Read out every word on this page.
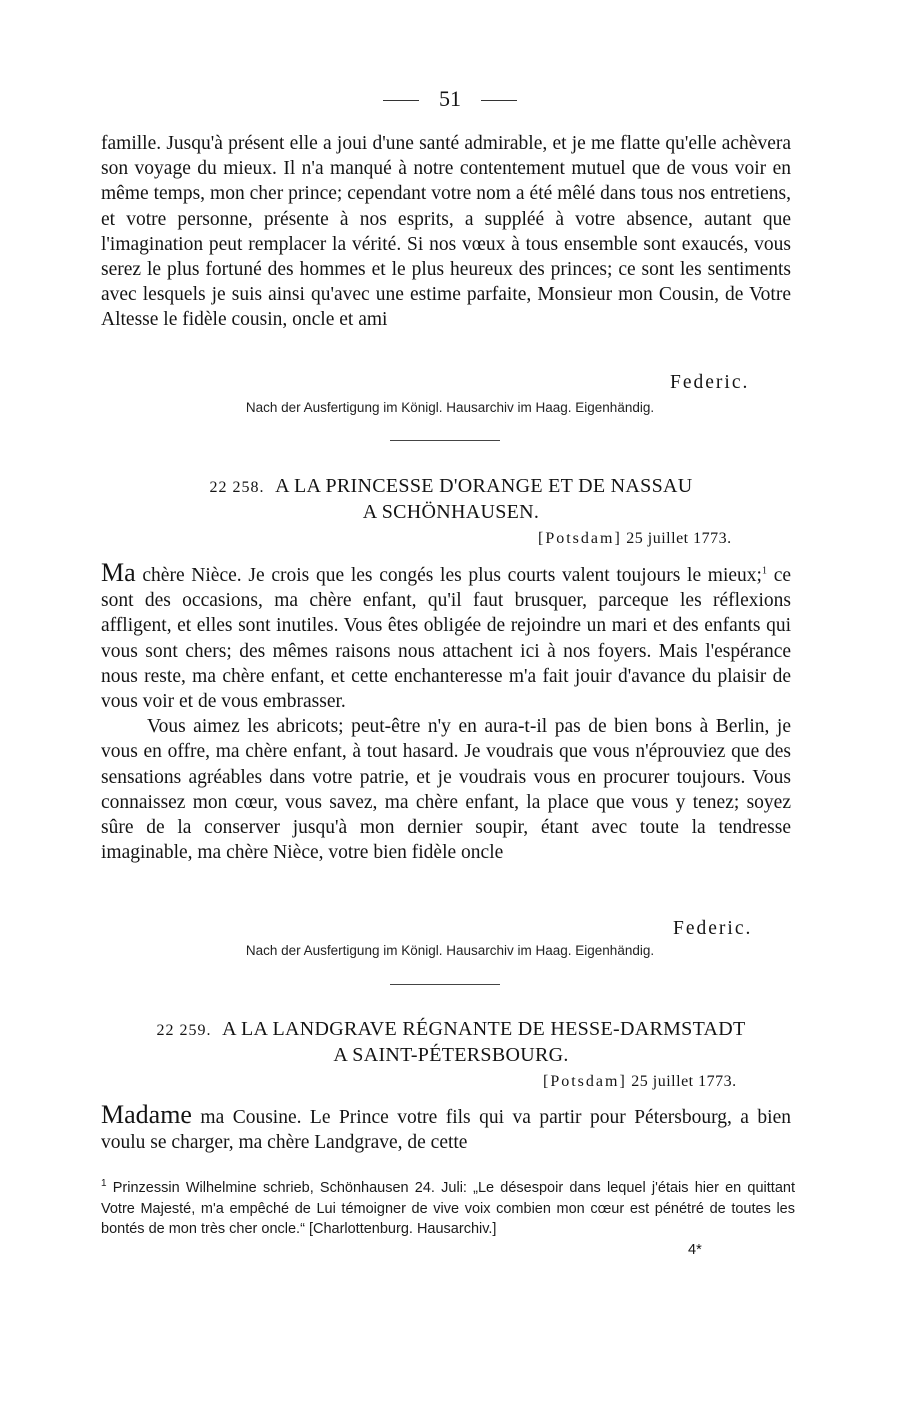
51

famille. Jusqu'à présent elle a joui d'une santé admirable, et je me flatte qu'elle achèvera son voyage du mieux. Il n'a manqué à notre contentement mutuel que de vous voir en même temps, mon cher prince; cependant votre nom a été mêlé dans tous nos entretiens, et votre personne, présente à nos esprits, a suppléé à votre absence, autant que l'imagination peut remplacer la vérité. Si nos vœux à tous ensemble sont exaucés, vous serez le plus fortuné des hommes et le plus heureux des princes; ce sont les sentiments avec lesquels je suis ainsi qu'avec une estime parfaite, Monsieur mon Cousin, de Votre Altesse le fidèle cousin, oncle et ami

Federic.
Nach der Ausfertigung im Königl. Hausarchiv im Haag. Eigenhändig.
22 258. A LA PRINCESSE D'ORANGE ET DE NASSAU
A SCHÖNHAUSEN.
[Potsdam] 25 juillet 1773.

Ma chère Nièce. Je crois que les congés les plus courts valent toujours le mieux;$^1$ ce sont des occasions, ma chère enfant, qu'il faut brusquer, parceque les réflexions affligent, et elles sont inutiles. Vous êtes obligée de rejoindre un mari et des enfants qui vous sont chers; des mêmes raisons nous attachent ici à nos foyers. Mais l'espérance nous reste, ma chère enfant, et cette enchanteresse m'a fait jouir d'avance du plaisir de vous voir et de vous embrasser.

Vous aimez les abricots; peut-être n'y en aura-t-il pas de bien bons à Berlin, je vous en offre, ma chère enfant, à tout hasard. Je voudrais que vous n'éprouviez que des sensations agréables dans votre patrie, et je voudrais vous en procurer toujours. Vous connaissez mon cœur, vous savez, ma chère enfant, la place que vous y tenez; soyez sûre de la conserver jusqu'à mon dernier soupir, étant avec toute la tendresse imaginable, ma chère Nièce, votre bien fidèle oncle

Federic.
Nach der Ausfertigung im Königl. Hausarchiv im Haag. Eigenhändig.
22 259. A LA LANDGRAVE RÉGNANTE DE HESSE-DARMSTADT
A SAINT-PÉTERSBOURG.
[Potsdam] 25 juillet 1773.

Madame ma Cousine. Le Prince votre fils qui va partir pour Pétersbourg, a bien voulu se charger, ma chère Landgrave, de cette

$^1$ Prinzessin Wilhelmine schrieb, Schönhausen 24. Juli: „Le désespoir dans lequel j'étais hier en quittant Votre Majesté, m'a empêché de Lui témoigner de vive voix combien mon cœur est pénétré de toutes les bontés de mon très cher oncle.“ [Charlottenburg. Hausarchiv.]

4*
